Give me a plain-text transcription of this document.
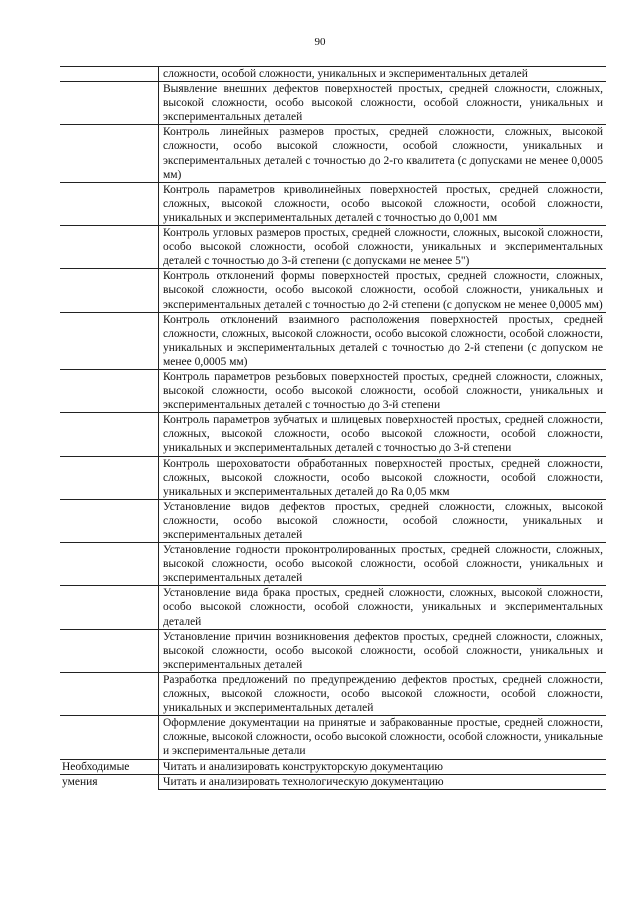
90
сложности, особой сложности, уникальных и экспериментальных деталей
Выявление внешних дефектов поверхностей простых, средней сложности, сложных, высокой сложности, особо высокой сложности, особой сложности, уникальных и экспериментальных деталей
Контроль линейных размеров простых, средней сложности, сложных, высокой сложности, особо высокой сложности, особой сложности, уникальных и экспериментальных деталей с точностью до 2-го квалитета (с допусками не менее 0,0005 мм)
Контроль параметров криволинейных поверхностей простых, средней сложности, сложных, высокой сложности, особо высокой сложности, особой сложности, уникальных и экспериментальных деталей с точностью до 0,001 мм
Контроль угловых размеров простых, средней сложности, сложных, высокой сложности, особо высокой сложности, особой сложности, уникальных и экспериментальных деталей с точностью до 3-й степени (с допусками не менее 5")
Контроль отклонений формы поверхностей простых, средней сложности, сложных, высокой сложности, особо высокой сложности, особой сложности, уникальных и экспериментальных деталей с точностью до 2-й степени (с допуском не менее 0,0005 мм)
Контроль отклонений взаимного расположения поверхностей простых, средней сложности, сложных, высокой сложности, особо высокой сложности, особой сложности, уникальных и экспериментальных деталей с точностью до 2-й степени (с допуском не менее 0,0005 мм)
Контроль параметров резьбовых поверхностей простых, средней сложности, сложных, высокой сложности, особо высокой сложности, особой сложности, уникальных и экспериментальных деталей с точностью до 3-й степени
Контроль параметров зубчатых и шлицевых поверхностей простых, средней сложности, сложных, высокой сложности, особо высокой сложности, особой сложности, уникальных и экспериментальных деталей с точностью до 3-й степени
Контроль шероховатости обработанных поверхностей простых, средней сложности, сложных, высокой сложности, особо высокой сложности, особой сложности, уникальных и экспериментальных деталей до Ra 0,05 мкм
Установление видов дефектов простых, средней сложности, сложных, высокой сложности, особо высокой сложности, особой сложности, уникальных и экспериментальных деталей
Установление годности проконтролированных простых, средней сложности, сложных, высокой сложности, особо высокой сложности, особой сложности, уникальных и экспериментальных деталей
Установление вида брака простых, средней сложности, сложных, высокой сложности, особо высокой сложности, особой сложности, уникальных и экспериментальных деталей
Установление причин возникновения дефектов простых, средней сложности, сложных, высокой сложности, особо высокой сложности, особой сложности, уникальных и экспериментальных деталей
Разработка предложений по предупреждению дефектов простых, средней сложности, сложных, высокой сложности, особо высокой сложности, особой сложности, уникальных и экспериментальных деталей
Оформление документации на принятые и забракованные простые, средней сложности, сложные, высокой сложности, особо высокой сложности, особой сложности, уникальные и экспериментальные детали
Необходимые	Читать и анализировать конструкторскую документацию
умения	Читать и анализировать технологическую документацию
